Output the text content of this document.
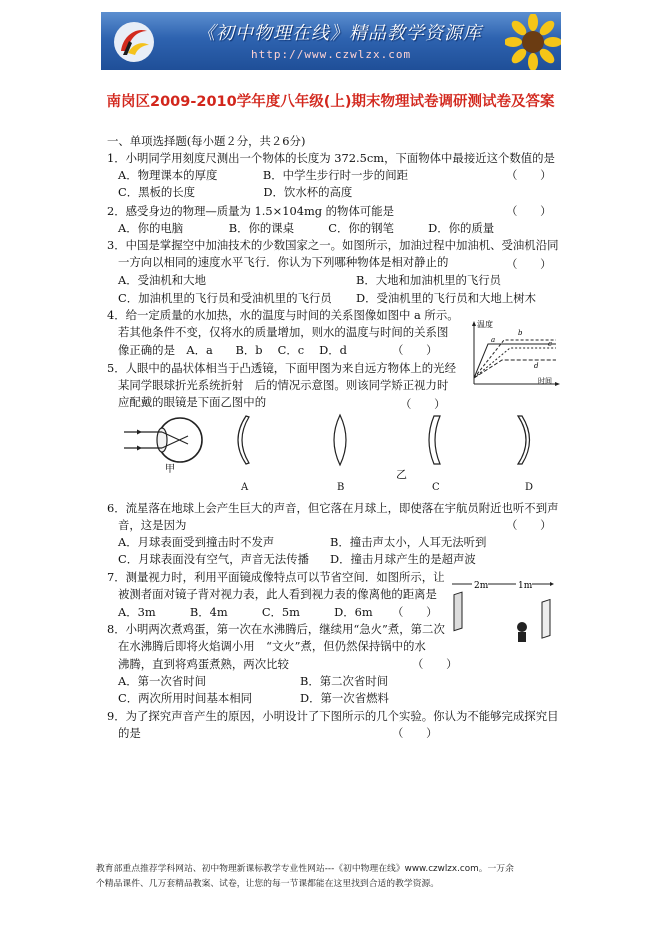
《初中物理在线》精品教学资源库
http://www.czwlzx.com
南岗区2009-2010学年度八年级(上)期末物理试卷调研测试卷及答案
一、单项选择题(每小题２分，共２6分)
1．小明同学用刻度尺测出一个物体的长度为 372.5cm，下面物体中最接近这个数值的是
A．物理课本的厚度　　　　B．中学生步行时一步的间距	（　　）
C．黑板的长度　　　　　　D．饮水杯的高度
2．感受身边的物理—质量为 1.5×104mg 的物体可能是	（　　）
A．你的电脑　　　　B．你的课桌　　　C．你的钢笔　　　D．你的质量
3．中国是掌握空中加油技术的少数国家之一。如图所示，加油过程中加油机、受油机沿同
一方向以相同的速度水平飞行．你认为下列哪种物体是相对静止的	（　　）
A．受油机和大地	B．大地和加油机里的飞行员
C．加油机里的飞行员和受油机里的飞行员 D．受油机里的飞行员和大地上树木
4．给一定质量的水加热，水的温度与时间的关系图像如图中 a 所示。
若其他条件不变，仅将水的质量增加，则水的温度与时间的关系图
像正确的是　A．a　　B．b　 C．c　 D．d	（　　）
温度
时间
a
b
c
d
5．人眼中的晶状体相当于凸透镜，下面甲图为来自远方物体上的光经
某同学眼球折光系统折射　后的情况示意图。则该同学矫正视力时
应配戴的眼镜是下面乙图中的	（　　）
甲
A	B
乙
C	D
6．流星落在地球上会产生巨大的声音，但它落在月球上，即使落在宇航员附近也听不到声
音，这是因为	（　　）
A．月球表面受到撞击时不发声	B．撞击声太小，人耳无法听到
C．月球表面没有空气，声音无法传播 D．撞击月球产生的是超声波
7．测量视力时，利用平面镜成像特点可以节省空间．如图所示，让
被测者面对镜子背对视力表，此人看到视力表的像离他的距离是
A．3m　　　B．4m　　　C．5m　　　D．6m （　　）
2m	1m
8．小明两次煮鸡蛋，第一次在水沸腾后，继续用“急火”煮，第二次
在水沸腾后即将火焰调小用　“文火”煮，但仍然保持锅中的水
沸腾，直到将鸡蛋煮熟，两次比较	（　　）
A．第一次省时间	B．第二次省时间
C．两次所用时间基本相同	D．第一次省燃料
9．为了探究声音产生的原因，小明设计了下图所示的几个实验。你认为不能够完成探究目
的是	（　　）
教育部重点推荐学科网站、初中物理新课标教学专业性网站---《初中物理在线》www.czwlzx.com。一万余
个精品课件、几万套精品教案、试卷，让您的每一节课都能在这里找到合适的教学资源。
